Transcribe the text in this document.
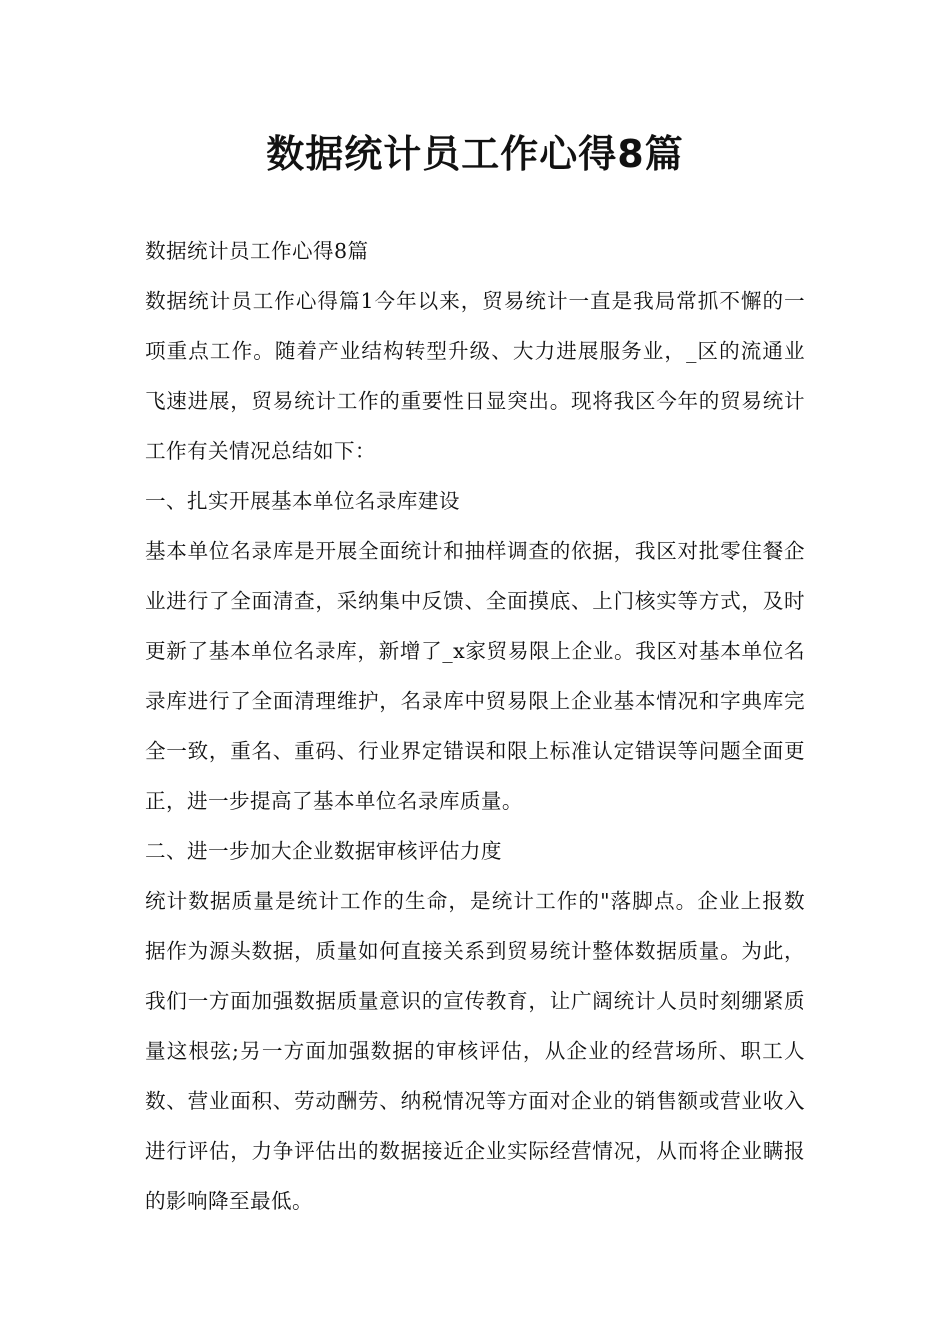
数据统计员工作心得8篇

数据统计员工作心得8篇

数据统计员工作心得篇1今年以来，贸易统计一直是我局常抓不懈的一项重点工作。随着产业结构转型升级、大力进展服务业，_区的流通业飞速进展，贸易统计工作的重要性日显突出。现将我区今年的贸易统计工作有关情况总结如下：

一、扎实开展基本单位名录库建设

基本单位名录库是开展全面统计和抽样调查的依据，我区对批零住餐企业进行了全面清查，采纳集中反馈、全面摸底、上门核实等方式，及时更新了基本单位名录库，新增了_x家贸易限上企业。我区对基本单位名录库进行了全面清理维护，名录库中贸易限上企业基本情况和字典库完全一致，重名、重码、行业界定错误和限上标准认定错误等问题全面更正，进一步提高了基本单位名录库质量。

二、进一步加大企业数据审核评估力度

统计数据质量是统计工作的生命，是统计工作的"落脚点。企业上报数据作为源头数据，质量如何直接关系到贸易统计整体数据质量。为此，我们一方面加强数据质量意识的宣传教育，让广阔统计人员时刻绷紧质量这根弦;另一方面加强数据的审核评估，从企业的经营场所、职工人数、营业面积、劳动酬劳、纳税情况等方面对企业的销售额或营业收入进行评估，力争评估出的数据接近企业实际经营情况，从而将企业瞒报的影响降至最低。
